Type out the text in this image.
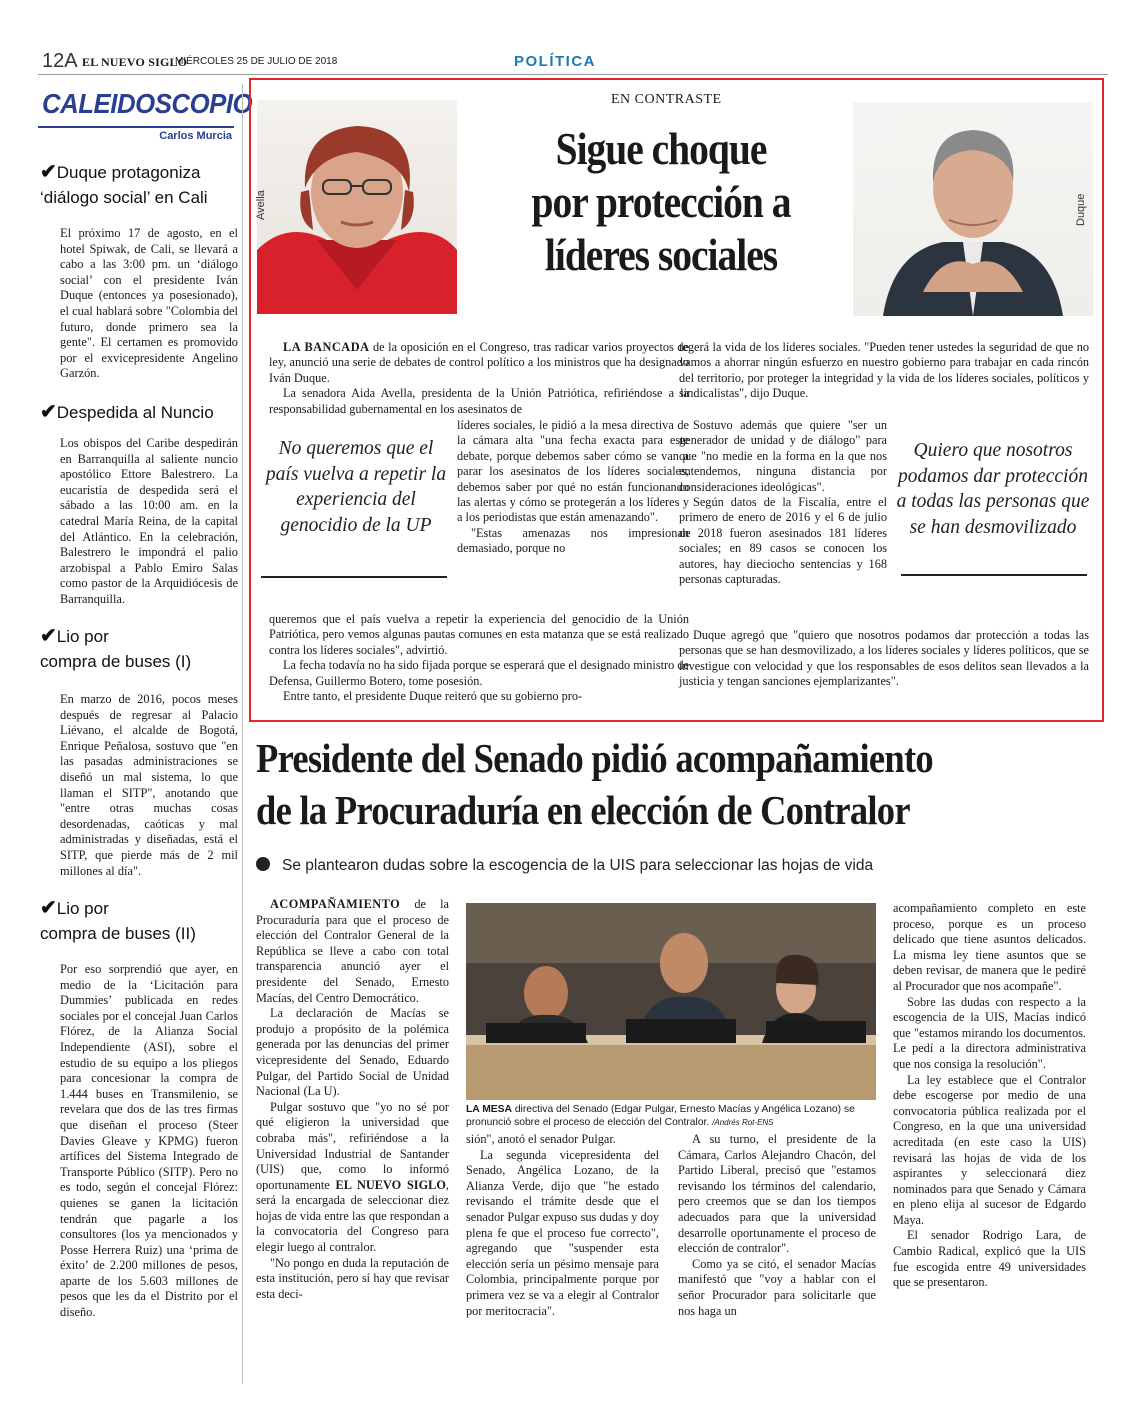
12A EL NUEVO SIGLO
MIÉRCOLES 25 DE JULIO DE 2018	POLÍTICA
CALEIDOSCOPIO
Carlos Murcia
✔Duque protagoniza
‘diálogo social’ en Cali
El próximo 17 de agosto, en el hotel Spiwak, de Cali, se llevará a cabo a las 3:00 pm. un ‘diálogo social’ con el presidente Iván Duque (entonces ya posesionado), el cual hablará sobre "Colombia del futuro, donde primero sea la gente". El certamen es promovido por el exvicepresidente Angelino Garzón.
✔Despedida al Nuncio
Los obispos del Caribe despedirán en Barranquilla al saliente nuncio apostólico Ettore Balestrero. La eucaristía de despedida será el sábado a las 10:00 am. en la catedral María Reina, de la capital del Atlántico. En la celebración, Balestrero le impondrá el palio arzobispal a Pablo Emiro Salas como pastor de la Arquidiócesis de Barranquilla.
✔Lio por
compra de buses (I)
En marzo de 2016, pocos meses después de regresar al Palacio Liévano, el alcalde de Bogotá, Enrique Peñalosa, sostuvo que "en las pasadas administraciones se diseñó un mal sistema, lo que llaman el SITP", anotando que "entre otras muchas cosas desordenadas, caóticas y mal administradas y diseñadas, está el SITP, que pierde más de 2 mil millones al día".
✔Lio por
compra de buses (II)
Por eso sorprendió que ayer, en medio de la ‘Licitación para Dummies’ publicada en redes sociales por el concejal Juan Carlos Flórez, de la Alianza Social Independiente (ASI), sobre el estudio de su equipo a los pliegos para concesionar la compra de 1.444 buses en Transmilenio, se revelara que dos de las tres firmas que diseñan el proceso (Steer Davies Gleave y KPMG) fueron artífices del Sistema Integrado de Transporte Público (SITP). Pero no es todo, según el concejal Flórez: quienes se ganen la licitación tendrán que pagarle a los consultores (los ya mencionados y Posse Herrera Ruiz) una ‘prima de éxito’ de 2.200 millones de pesos, aparte de los 5.603 millones de pesos que les da el Distrito por el diseño.
EN CONTRASTE
Avella
Sigue choque
por protección a
líderes sociales
Duque

LA BANCADA de la oposición en el Congreso, tras radicar varios proyectos de ley, anunció una serie de debates de control político a los ministros que ha designado Iván Duque.

La senadora Aida Avella, presidenta de la Unión Patriótica, refiriéndose a la responsabilidad gubernamental en los asesinatos de

líderes sociales, le pidió a la mesa directiva de la cámara alta "una fecha exacta para este debate, porque debemos saber cómo se van a parar los asesinatos de los líderes sociales, debemos saber por qué no están funcionando las alertas y cómo se protegerán a los líderes y a los periodistas que están amenazando".

"Estas amenazas nos impresionan demasiado, porque no

queremos que el país vuelva a repetir la experiencia del genocidio de la Unión Patriótica, pero vemos algunas pautas comunes en esta matanza que se está realizado contra los líderes sociales", advirtió.

La fecha todavía no ha sido fijada porque se esperará que el designado ministro de Defensa, Guillermo Botero, tome posesión.

Entre tanto, el presidente Duque reiteró que su gobierno pro-

No queremos que el país vuelva a repetir la experiencia del genocidio de la UP
tegerá la vida de los líderes sociales. "Pueden tener ustedes la seguridad de que no vamos a ahorrar ningún esfuerzo en nuestro gobierno para trabajar en cada rincón del territorio, por proteger la integridad y la vida de los líderes sociales, políticos y sindicalistas", dijo Duque.

Sostuvo además que quiere "ser un generador de unidad y de diálogo" para que "no medie en la forma en la que nos entendemos, ninguna distancia por consideraciones ideológicas".

Según datos de la Fiscalía, entre el primero de enero de 2016 y el 6 de julio de 2018 fueron asesinados 181 líderes sociales; en 89 casos se conocen los autores, hay dieciocho sentencias y 168 personas capturadas.

Duque agregó que "quiero que nosotros podamos dar protección a todas las personas que se han desmovilizado, a los líderes sociales y líderes políticos, que se investigue con velocidad y que los responsables de esos delitos sean llevados a la justicia y tengan sanciones ejemplarizantes".

Quiero que nosotros podamos dar protección a todas las personas que se han desmovilizado
Presidente del Senado pidió acompañamiento
de la Procuraduría en elección de Contralor
Se plantearon dudas sobre la escogencia de la UIS para seleccionar las hojas de vida

ACOMPAÑAMIENTO de la Procuraduría para que el proceso de elección del Contralor General de la República se lleve a cabo con total transparencia anunció ayer el presidente del Senado, Ernesto Macías, del Centro Democrático.

La declaración de Macías se produjo a propósito de la polémica generada por las denuncias del primer vicepresidente del Senado, Eduardo Pulgar, del Partido Social de Unidad Nacional (La U).

Pulgar sostuvo que "yo no sé por qué eligieron la universidad que cobraba más", refiriéndose a la Universidad Industrial de Santander (UIS) que, como lo informó oportunamente EL NUEVO SIGLO, será la encargada de seleccionar diez hojas de vida entre las que respondan a la convocatoria del Congreso para elegir luego al contralor.

"No pongo en duda la reputación de esta institución, pero sí hay que revisar esta deci-

LA MESA directiva del Senado (Edgar Pulgar, Ernesto Macías y Angélica Lozano) se pronunció sobre el proceso de elección del Contralor. /Andrés Rot-ENS
sión", anotó el senador Pulgar.

La segunda vicepresidenta del Senado, Angélica Lozano, de la Alianza Verde, dijo que "he estado revisando el trámite desde que el senador Pulgar expuso sus dudas y doy plena fe que el proceso fue correcto", agregando que "suspender esta elección sería un pésimo mensaje para Colombia, principalmente porque por primera vez se va a elegir al Contralor por meritocracia".

A su turno, el presidente de la Cámara, Carlos Alejandro Chacón, del Partido Liberal, precisó que "estamos revisando los términos del calendario, pero creemos que se dan los tiempos adecuados para que la universidad desarrolle oportunamente el proceso de elección de contralor".

Como ya se citó, el senador Macías manifestó que "voy a hablar con el señor Procurador para solicitarle que nos haga un

acompañamiento completo en este proceso, porque es un proceso delicado que tiene asuntos delicados. La misma ley tiene asuntos que se deben revisar, de manera que le pediré al Procurador que nos acompañe".

Sobre las dudas con respecto a la escogencia de la UIS, Macías indicó que "estamos mirando los documentos. Le pedí a la directora administrativa que nos consiga la resolución".

La ley establece que el Contralor debe escogerse por medio de una convocatoria pública realizada por el Congreso, en la que una universidad acreditada (en este caso la UIS) revisará las hojas de vida de los aspirantes y seleccionará diez nominados para que Senado y Cámara en pleno elija al sucesor de Edgardo Maya.

El senador Rodrigo Lara, de Cambio Radical, explicó que la UIS fue escogida entre 49 universidades que se presentaron.
